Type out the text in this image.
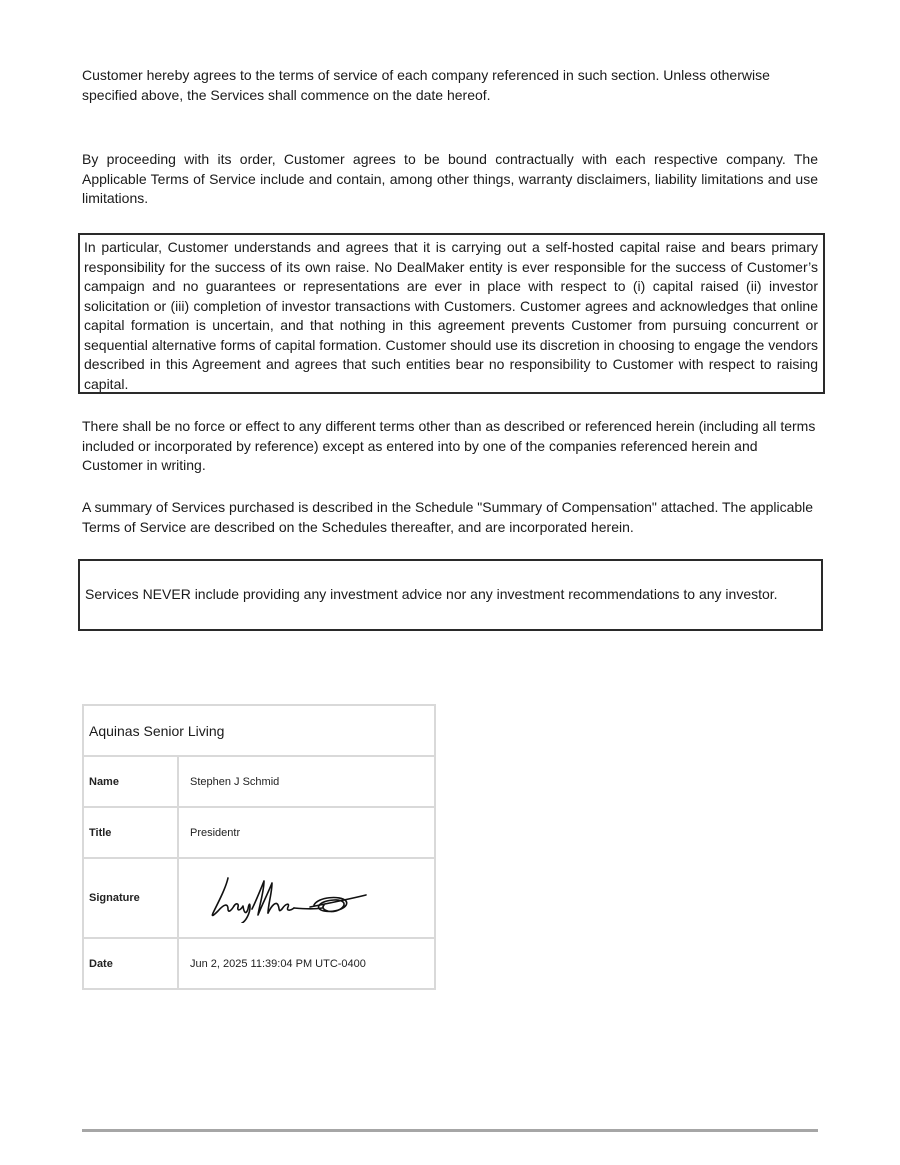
Customer hereby agrees to the terms of service of each company referenced in such section. Unless otherwise specified above, the Services shall commence on the date hereof.

By proceeding with its order, Customer agrees to be bound contractually with each respective company. The Applicable Terms of Service include and contain, among other things, warranty disclaimers, liability limitations and use limitations.

In particular, Customer understands and agrees that it is carrying out a self-hosted capital raise and bears primary responsibility for the success of its own raise. No DealMaker entity is ever responsible for the success of Customer’s campaign and no guarantees or representations are ever in place with respect to (i) capital raised (ii) investor solicitation or (iii) completion of investor transactions with Customers. Customer agrees and acknowledges that online capital formation is uncertain, and that nothing in this agreement prevents Customer from pursuing concurrent or sequential alternative forms of capital formation. Customer should use its discretion in choosing to engage the vendors described in this Agreement and agrees that such entities bear no responsibility to Customer with respect to raising capital.

There shall be no force or effect to any different terms other than as described or referenced herein (including all terms included or incorporated by reference) except as entered into by one of the companies referenced herein and Customer in writing.

A summary of Services purchased is described in the Schedule "Summary of Compensation" attached. The applicable Terms of Service are described on the Schedules thereafter, and are incorporated herein.

Services NEVER include providing any investment advice nor any investment recommendations to any investor.

Aquinas Senior Living	
Name	Stephen J Schmid
Title	Presidentr
Signature	

Date	Jun 2, 2025 11:39:04 PM UTC-0400
